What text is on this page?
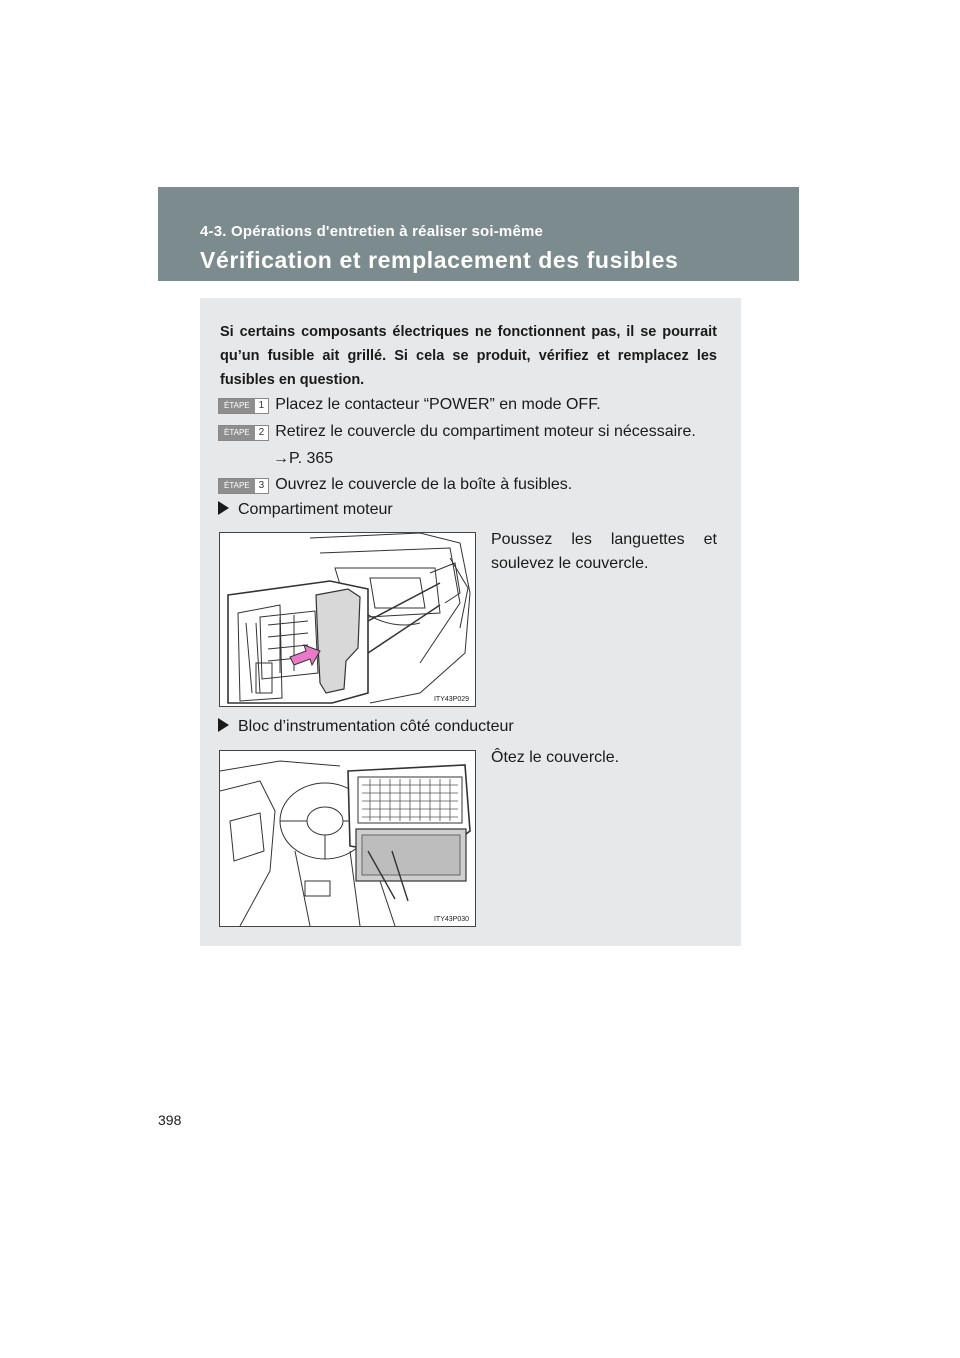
4-3. Opérations d'entretien à réaliser soi-même
Vérification et remplacement des fusibles
Si certains composants électriques ne fonctionnent pas, il se pourrait qu’un fusible ait grillé. Si cela se produit, vérifiez et remplacez les fusibles en question.
ÉTAPE 1 Placez le contacteur “POWER” en mode OFF.
ÉTAPE 2 Retirez le couvercle du compartiment moteur si nécessaire.
→P. 365
ÉTAPE 3 Ouvrez le couvercle de la boîte à fusibles.
Compartiment moteur
Poussez les languettes et soulevez le couvercle.
ITY43P029
Bloc d’instrumentation côté conducteur
Ôtez le couvercle.
ITY43P030
398
